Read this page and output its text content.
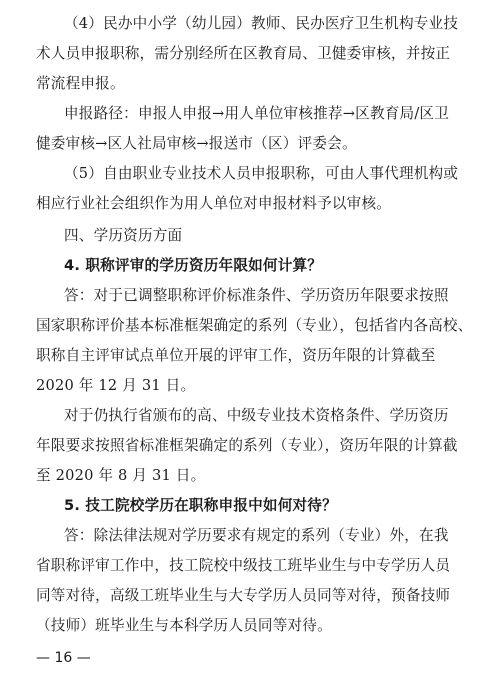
（4）民办中小学（幼儿园）教师、民办医疗卫生机构专业技
术人员申报职称，需分别经所在区教育局、卫健委审核，并按正
常流程申报。
申报路径：申报人申报→用人单位审核推荐→区教育局/区卫
健委审核→区人社局审核→报送市（区）评委会。
（5）自由职业专业技术人员申报职称，可由人事代理机构或
相应行业社会组织作为用人单位对申报材料予以审核。
四、学历资历方面
4. 职称评审的学历资历年限如何计算？
答：对于已调整职称评价标准条件、学历资历年限要求按照
国家职称评价基本标准框架确定的系列（专业），包括省内各高校、
职称自主评审试点单位开展的评审工作，资历年限的计算截至
2020 年 12 月 31 日。
对于仍执行省颁布的高、中级专业技术资格条件、学历资历
年限要求按照省标准框架确定的系列（专业），资历年限的计算截
至 2020 年 8 月 31 日。
5. 技工院校学历在职称申报中如何对待？
答：除法律法规对学历要求有规定的系列（专业）外，在我
省职称评审工作中，技工院校中级技工班毕业生与中专学历人员
同等对待，高级工班毕业生与大专学历人员同等对待，预备技师
（技师）班毕业生与本科学历人员同等对待。
— 16 —
